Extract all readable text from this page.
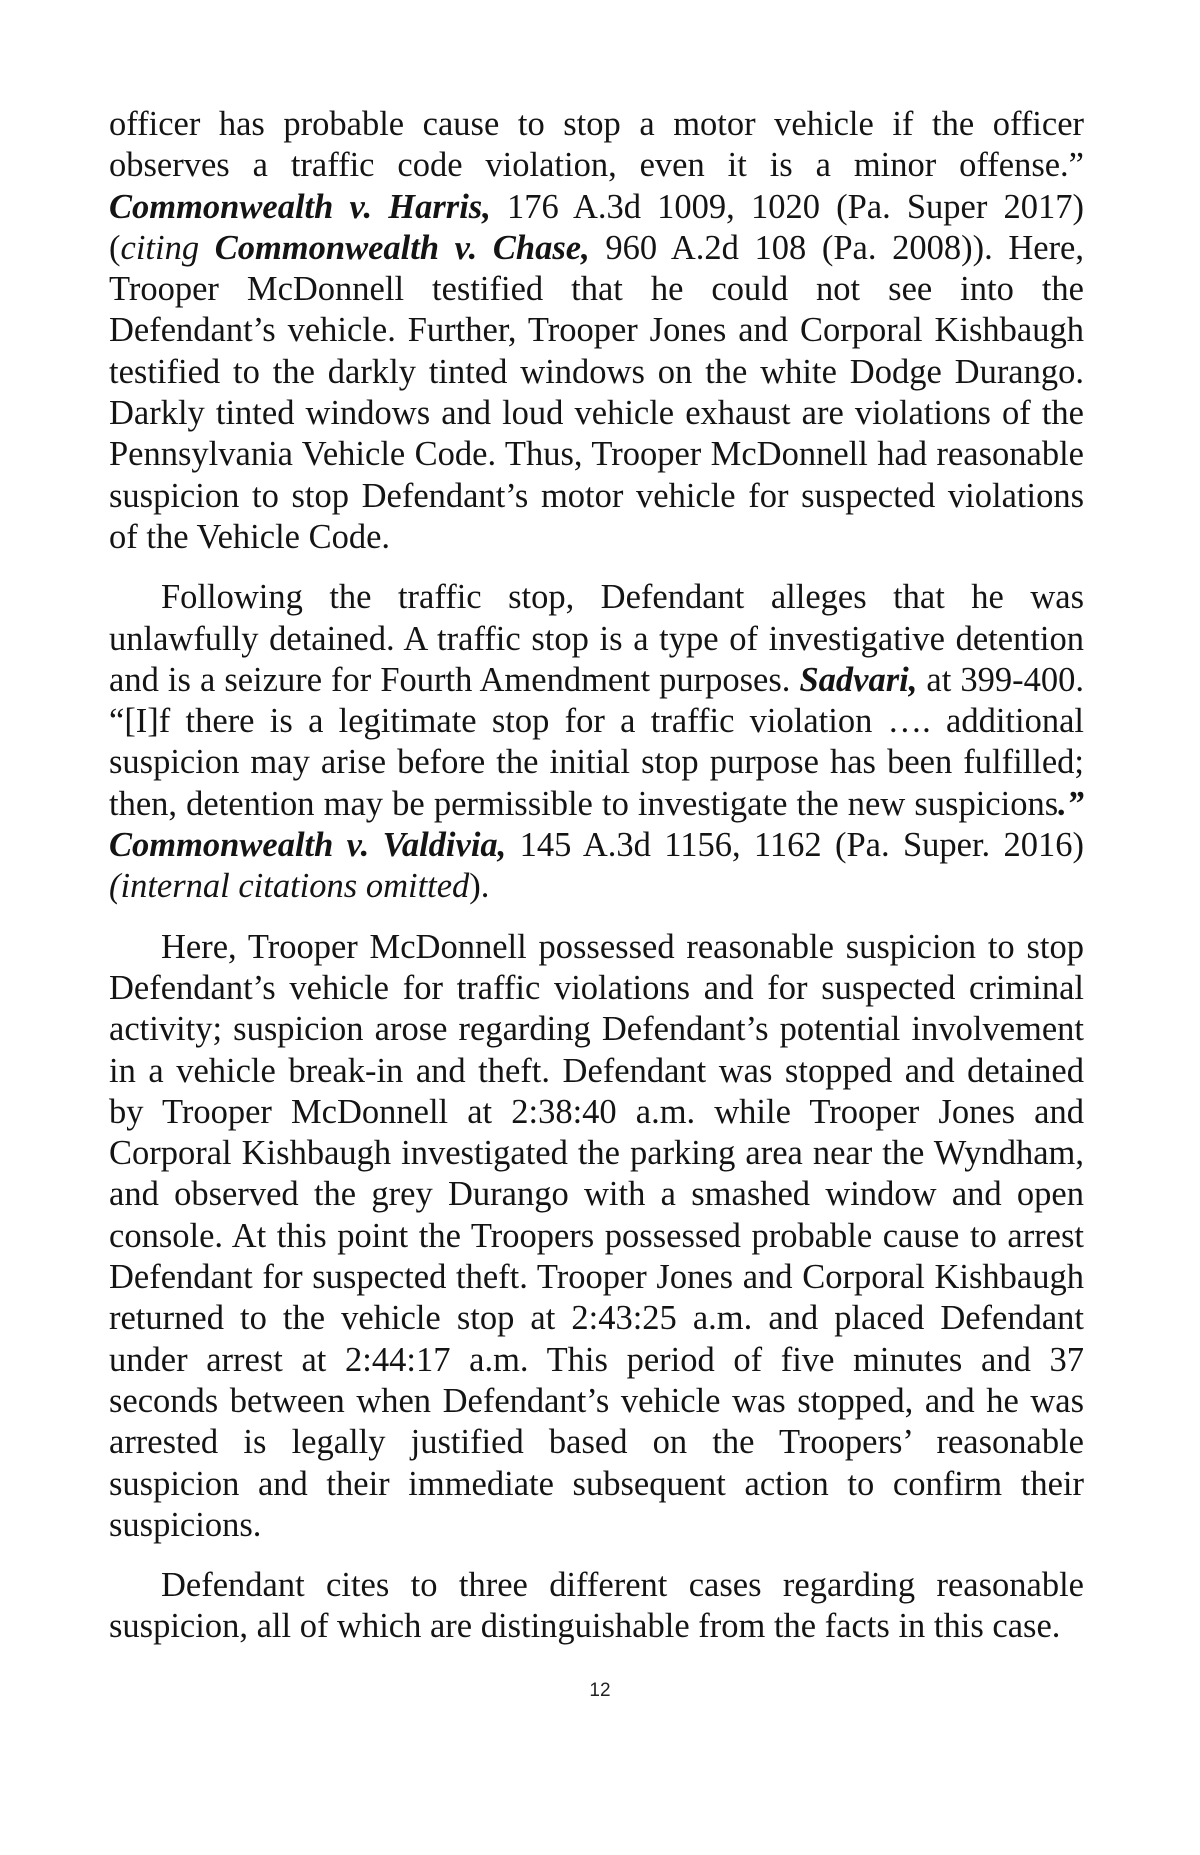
officer has probable cause to stop a motor vehicle if the officer observes a traffic code violation, even it is a minor offense.” Commonwealth v. Harris, 176 A.3d 1009, 1020 (Pa. Super 2017) (citing Commonwealth v. Chase, 960 A.2d 108 (Pa. 2008)). Here, Trooper McDonnell testified that he could not see into the Defendant’s vehicle. Further, Trooper Jones and Corporal Kishbaugh testified to the darkly tinted windows on the white Dodge Durango. Darkly tinted windows and loud vehicle exhaust are violations of the Pennsylvania Vehicle Code. Thus, Trooper McDonnell had reasonable suspicion to stop Defendant’s motor vehicle for suspected violations of the Vehicle Code.

Following the traffic stop, Defendant alleges that he was unlawfully detained. A traffic stop is a type of investigative detention and is a seizure for Fourth Amendment purposes. Sadvari, at 399-400. “[I]f there is a legitimate stop for a traffic violation …. additional suspicion may arise before the initial stop purpose has been fulfilled; then, detention may be permissible to investigate the new suspicions.” Commonwealth v. Valdivia, 145 A.3d 1156, 1162 (Pa. Super. 2016) (internal citations omitted).

Here, Trooper McDonnell possessed reasonable suspicion to stop Defendant’s vehicle for traffic violations and for suspected criminal activity; suspicion arose regarding Defendant’s potential involvement in a vehicle break-in and theft. Defendant was stopped and detained by Trooper McDonnell at 2:38:40 a.m. while Trooper Jones and Corporal Kishbaugh investigated the parking area near the Wyndham, and observed the grey Durango with a smashed window and open console. At this point the Troopers possessed probable cause to arrest Defendant for suspected theft. Trooper Jones and Corporal Kishbaugh returned to the vehicle stop at 2:43:25 a.m. and placed Defendant under arrest at 2:44:17 a.m. This period of five minutes and 37 seconds between when Defendant’s vehicle was stopped, and he was arrested is legally justified based on the Troopers’ reasonable suspicion and their immediate subsequent action to confirm their suspicions.

Defendant cites to three different cases regarding reasonable suspicion, all of which are distinguishable from the facts in this case.

12
